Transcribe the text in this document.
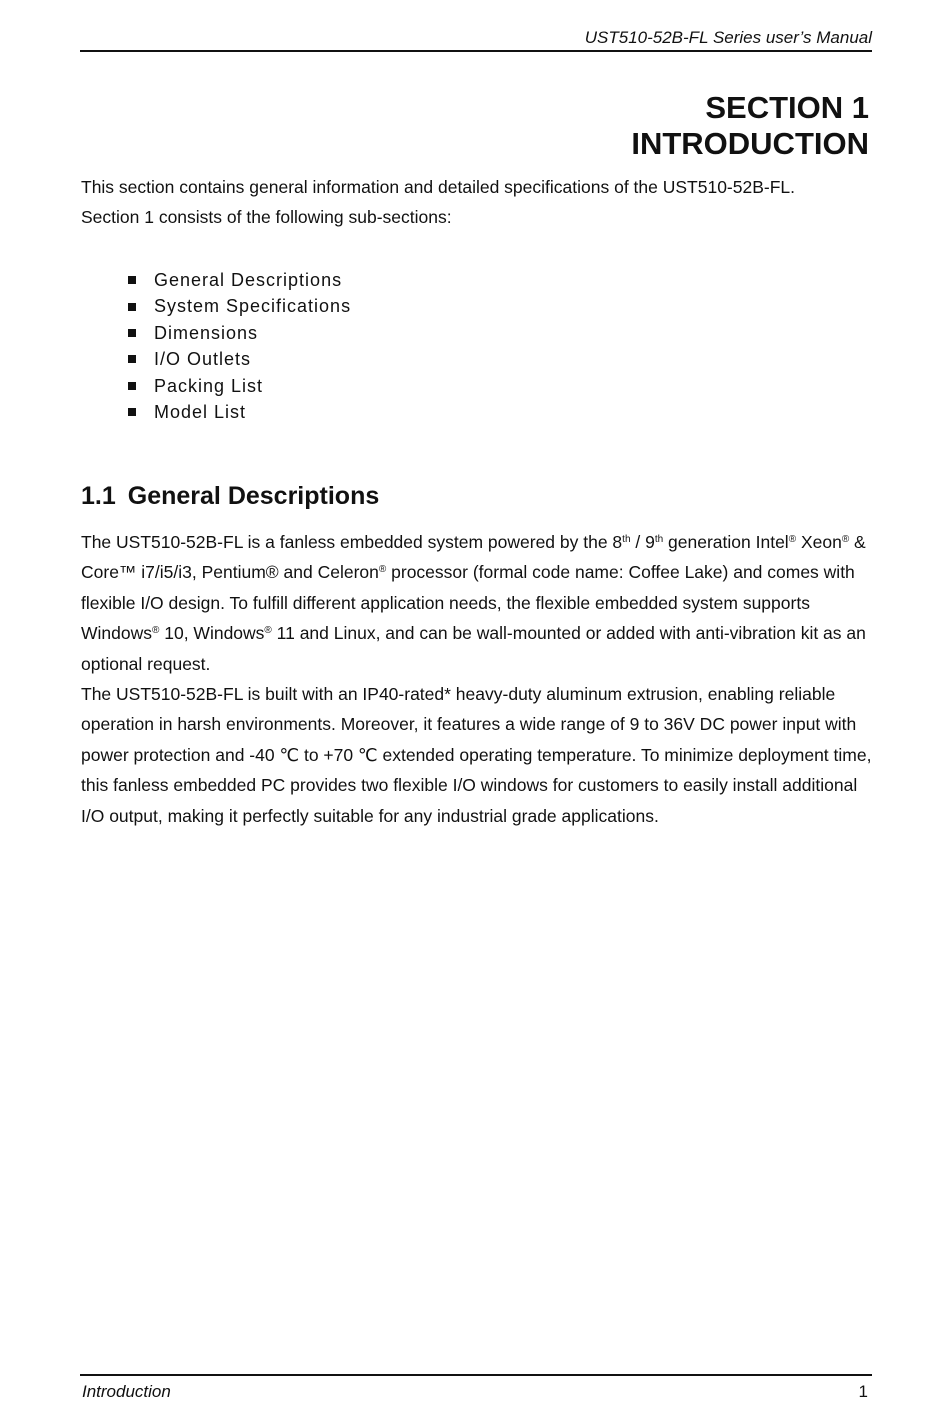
UST510-52B-FL Series user’s Manual
SECTION 1
INTRODUCTION

This section contains general information and detailed specifications of the UST510-52B-FL.

Section 1 consists of the following sub-sections:

General Descriptions
System Specifications
Dimensions
I/O Outlets
Packing List
Model List
1.1 General Descriptions

The UST510-52B-FL is a fanless embedded system powered by the 8th / 9th generation Intel® Xeon® & Core™ i7/i5/i3, Pentium® and Celeron® processor (formal code name: Coffee Lake) and comes with flexible I/O design. To fulfill different application needs, the flexible embedded system supports Windows® 10, Windows® 11 and Linux, and can be wall-mounted or added with anti-vibration kit as an optional request.

The UST510-52B-FL is built with an IP40-rated* heavy-duty aluminum extrusion, enabling reliable operation in harsh environments. Moreover, it features a wide range of 9 to 36V DC power input with power protection and -40 ℃ to +70 ℃ extended operating temperature. To minimize deployment time, this fanless embedded PC provides two flexible I/O windows for customers to easily install additional I/O output, making it perfectly suitable for any industrial grade applications.

Introduction	1
